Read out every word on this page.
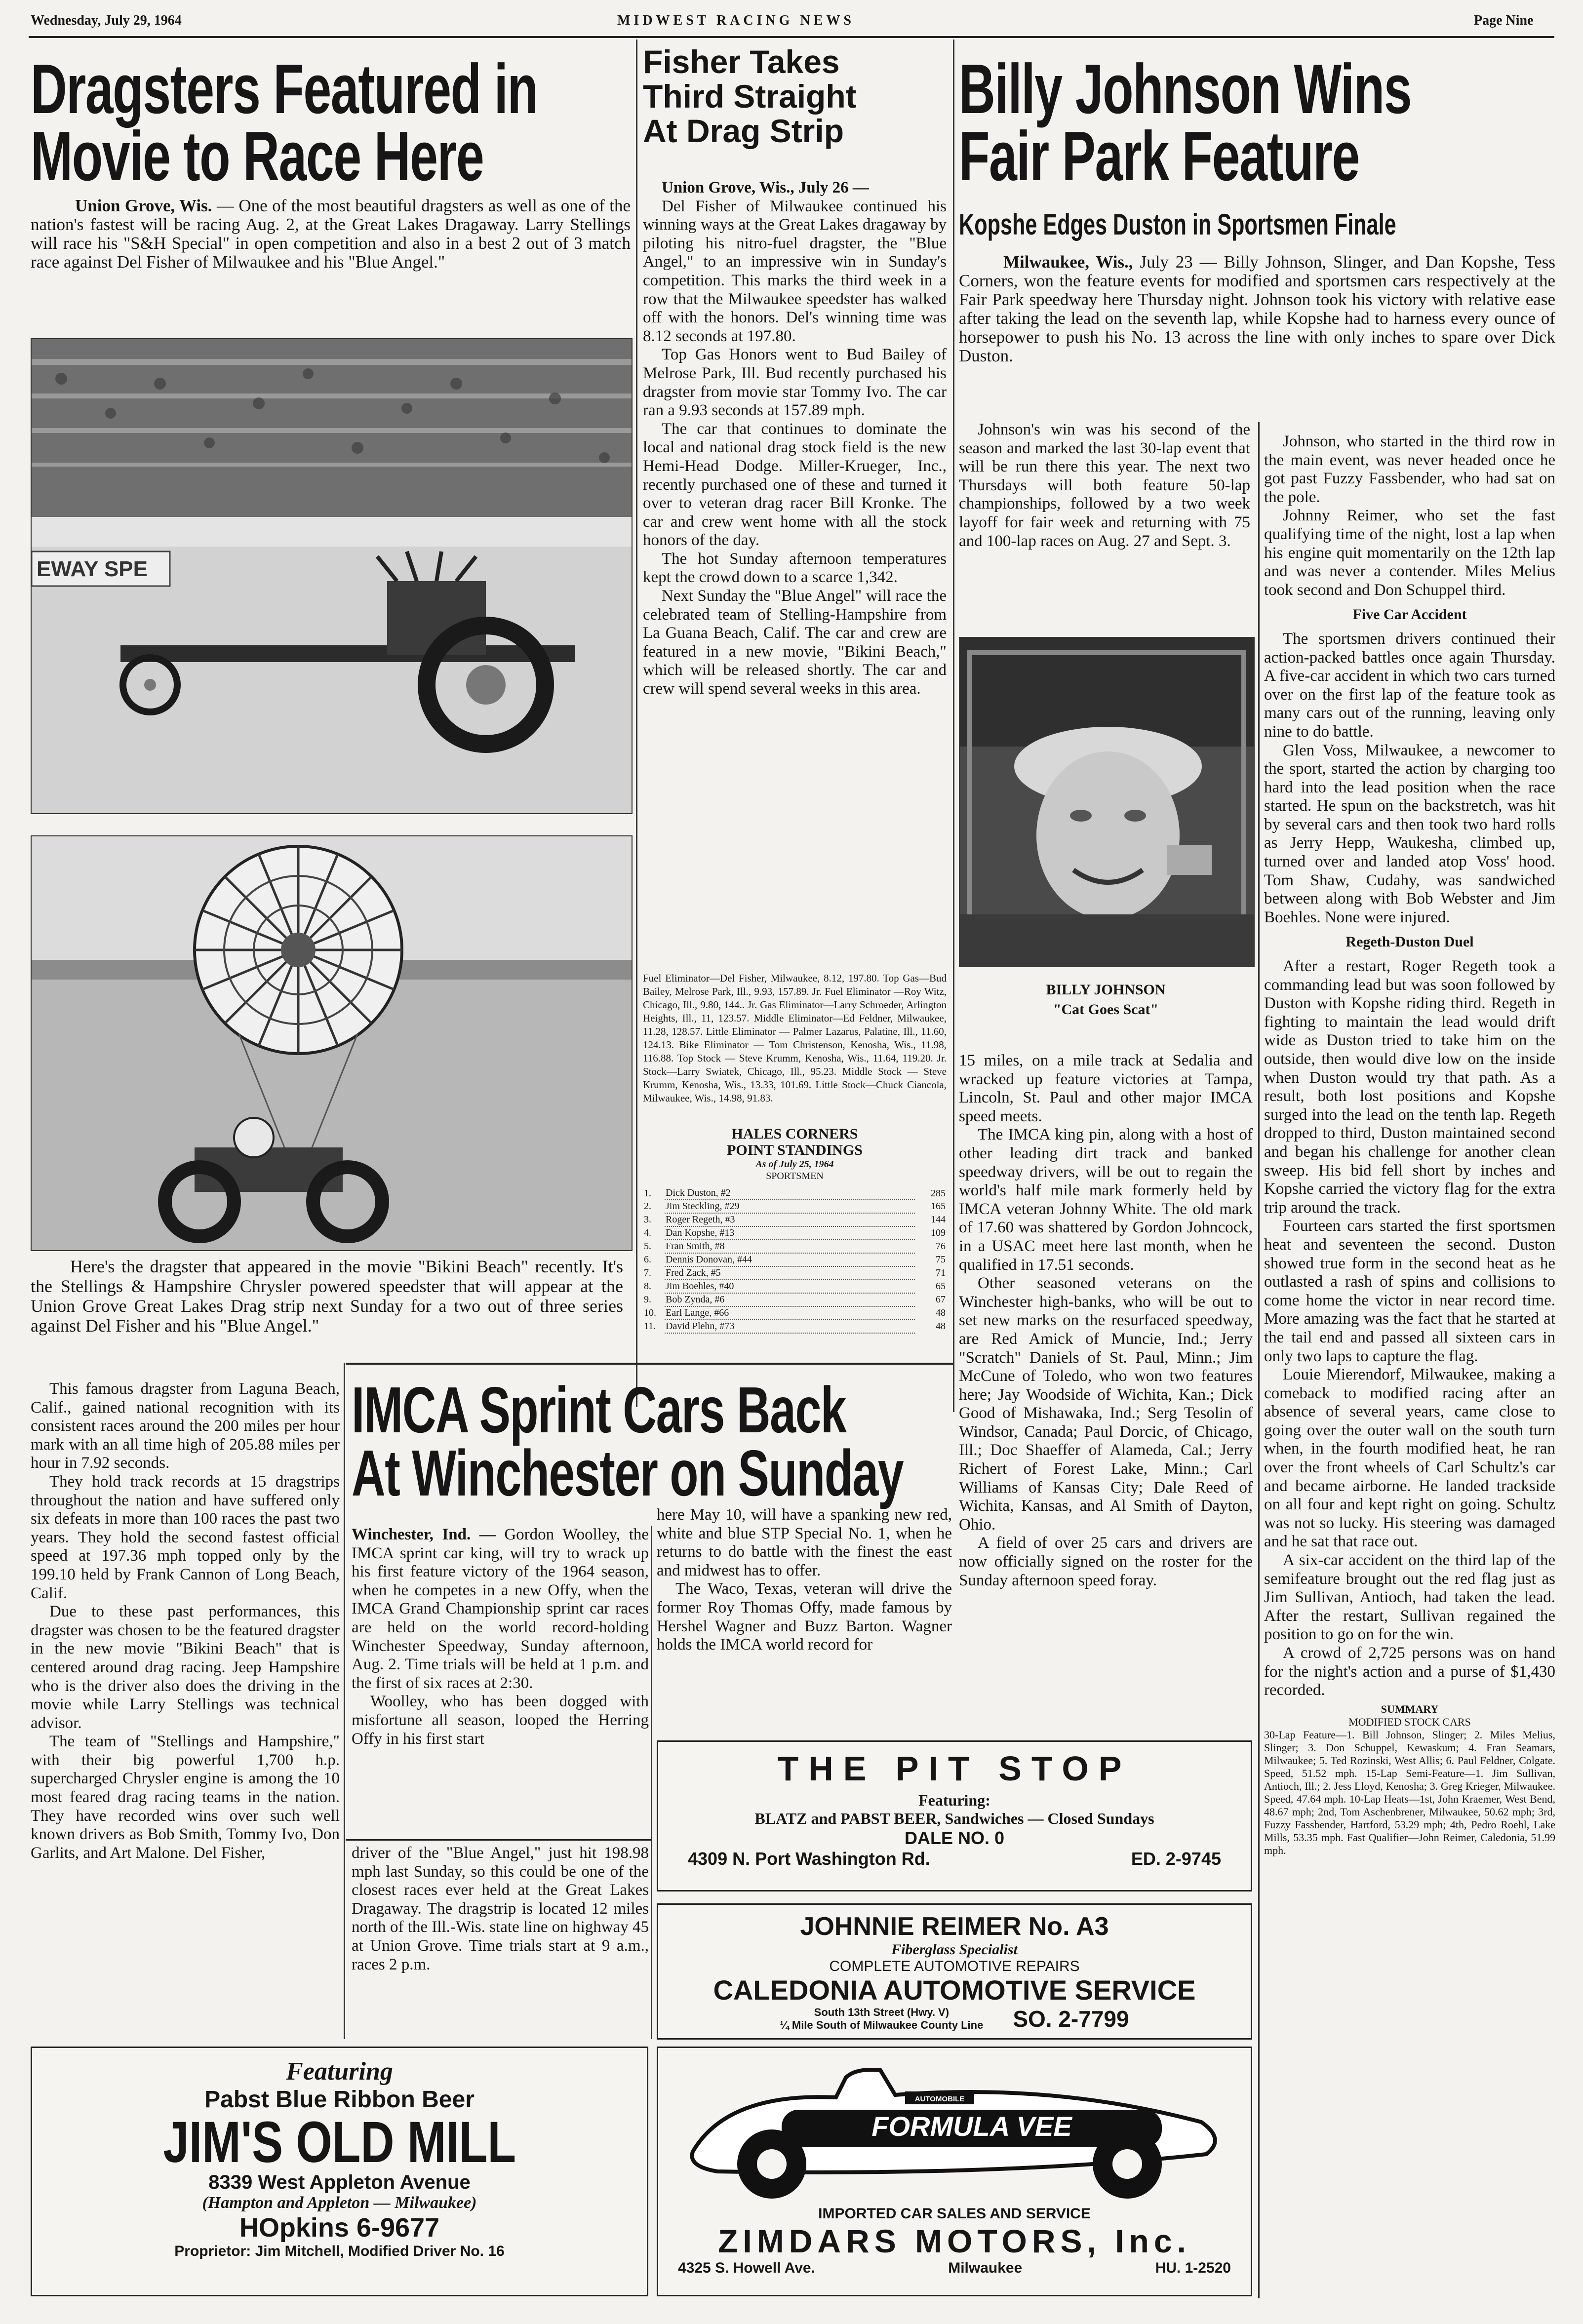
Wednesday, July 29, 1964	MIDWEST RACING NEWS	Page Nine
Dragsters Featured in
Movie to Race Here
Union Grove, Wis. — One of the most beautiful dragsters as well as one of the nation's fastest will be racing Aug. 2, at the Great Lakes Dragaway. Larry Stellings will race his "S&H Special" in open competition and also in a best 2 out of 3 match race against Del Fisher of Milwaukee and his "Blue Angel."
EWAY SPE
Here's the dragster that appeared in the movie "Bikini Beach" recently. It's the Stellings & Hampshire Chrysler powered speedster that will appear at the Union Grove Great Lakes Drag strip next Sunday for a two out of three series against Del Fisher and his "Blue Angel."

This famous dragster from Laguna Beach, Calif., gained national recognition with its consistent races around the 200 miles per hour mark with an all time high of 205.88 miles per hour in 7.92 seconds.

They hold track records at 15 dragstrips throughout the nation and have suffered only six defeats in more than 100 races the past two years. They hold the second fastest official speed at 197.36 mph topped only by the 199.10 held by Frank Cannon of Long Beach, Calif.

Due to these past performances, this dragster was chosen to be the featured dragster in the new movie "Bikini Beach" that is centered around drag racing. Jeep Hampshire who is the driver also does the driving in the movie while Larry Stellings was technical advisor.

The team of "Stellings and Hampshire," with their big powerful 1,700 h.p. supercharged Chrysler engine is among the 10 most feared drag racing teams in the nation. They have recorded wins over such well known drivers as Bob Smith, Tommy Ivo, Don Garlits, and Art Malone. Del Fisher,

Fisher Takes
Third Straight
At Drag Strip

Union Grove, Wis., July 26 —

Del Fisher of Milwaukee continued his winning ways at the Great Lakes dragaway by piloting his nitro-fuel dragster, the "Blue Angel," to an impressive win in Sunday's competition. This marks the third week in a row that the Milwaukee speedster has walked off with the honors. Del's winning time was 8.12 seconds at 197.80.

Top Gas Honors went to Bud Bailey of Melrose Park, Ill. Bud recently purchased his dragster from movie star Tommy Ivo. The car ran a 9.93 seconds at 157.89 mph.

The car that continues to dominate the local and national drag stock field is the new Hemi-Head Dodge. Miller-Krueger, Inc., recently purchased one of these and turned it over to veteran drag racer Bill Kronke. The car and crew went home with all the stock honors of the day.

The hot Sunday afternoon temperatures kept the crowd down to a scarce 1,342.

Next Sunday the "Blue Angel" will race the celebrated team of Stelling-Hampshire from La Guana Beach, Calif. The car and crew are featured in a new movie, "Bikini Beach," which will be released shortly. The car and crew will spend several weeks in this area.

Fuel Eliminator—Del Fisher, Milwaukee, 8.12, 197.80. Top Gas—Bud Bailey, Melrose Park, Ill., 9.93, 157.89. Jr. Fuel Eliminator —Roy Witz, Chicago, Ill., 9.80, 144.. Jr. Gas Eliminator—Larry Schroeder, Arlington Heights, Ill., 11, 123.57. Middle Eliminator—Ed Feldner, Milwaukee, 11.28, 128.57. Little Eliminator — Palmer Lazarus, Palatine, Ill., 11.60, 124.13. Bike Eliminator — Tom Christenson, Kenosha, Wis., 11.98, 116.88. Top Stock — Steve Krumm, Kenosha, Wis., 11.64, 119.20. Jr. Stock—Larry Swiatek, Chicago, Ill., 95.23. Middle Stock — Steve Krumm, Kenosha, Wis., 13.33, 101.69. Little Stock—Chuck Ciancola, Milwaukee, Wis., 14.98, 91.83.
HALES CORNERS
POINT STANDINGS
As of July 25, 1964
SPORTSMEN
1.	Dick Duston, #2	285
2.	Jim Steckling, #29	165
3.	Roger Regeth, #3	144
4.	Dan Kopshe, #13	109
5.	Fran Smith, #8	76
6.	Dennis Donovan, #44	75
7.	Fred Zack, #5	71
8.	Jim Boehles, #40	65
9.	Bob Zynda, #6	67
10.	Earl Lange, #66	48
11.	David Plehn, #73	48
Billy Johnson Wins
Fair Park Feature
Kopshe Edges Duston in Sportsmen Finale
Milwaukee, Wis., July 23 — Billy Johnson, Slinger, and Dan Kopshe, Tess Corners, won the feature events for modified and sportsmen cars respectively at the Fair Park speedway here Thursday night. Johnson took his victory with relative ease after taking the lead on the seventh lap, while Kopshe had to harness every ounce of horsepower to push his No. 13 across the line with only inches to spare over Dick Duston.

Johnson's win was his second of the season and marked the last 30-lap event that will be run there this year. The next two Thursdays will both feature 50-lap championships, followed by a two week layoff for fair week and returning with 75 and 100-lap races on Aug. 27 and Sept. 3.

BILLY JOHNSON
"Cat Goes Scat"

15 miles, on a mile track at Sedalia and wracked up feature victories at Tampa, Lincoln, St. Paul and other major IMCA speed meets.

The IMCA king pin, along with a host of other leading dirt track and banked speedway drivers, will be out to regain the world's half mile mark formerly held by IMCA veteran Johnny White. The old mark of 17.60 was shattered by Gordon Johncock, in a USAC meet here last month, when he qualified in 17.51 seconds.

Other seasoned veterans on the Winchester high-banks, who will be out to set new marks on the resurfaced speedway, are Red Amick of Muncie, Ind.; Jerry "Scratch" Daniels of St. Paul, Minn.; Jim McCune of Toledo, who won two features here; Jay Woodside of Wichita, Kan.; Dick Good of Mishawaka, Ind.; Serg Tesolin of Windsor, Canada; Paul Dorcic, of Chicago, Ill.; Doc Shaeffer of Alameda, Cal.; Jerry Richert of Forest Lake, Minn.; Carl Williams of Kansas City; Dale Reed of Wichita, Kansas, and Al Smith of Dayton, Ohio.

A field of over 25 cars and drivers are now officially signed on the roster for the Sunday afternoon speed foray.

Johnson, who started in the third row in the main event, was never headed once he got past Fuzzy Fassbender, who had sat on the pole.

Johnny Reimer, who set the fast qualifying time of the night, lost a lap when his engine quit momentarily on the 12th lap and was never a contender. Miles Melius took second and Don Schuppel third.

Five Car Accident

The sportsmen drivers continued their action-packed battles once again Thursday. A five-car accident in which two cars turned over on the first lap of the feature took as many cars out of the running, leaving only nine to do battle.

Glen Voss, Milwaukee, a newcomer to the sport, started the action by charging too hard into the lead position when the race started. He spun on the backstretch, was hit by several cars and then took two hard rolls as Jerry Hepp, Waukesha, climbed up, turned over and landed atop Voss' hood. Tom Shaw, Cudahy, was sandwiched between along with Bob Webster and Jim Boehles. None were injured.

Regeth-Duston Duel

After a restart, Roger Regeth took a commanding lead but was soon followed by Duston with Kopshe riding third. Regeth in fighting to maintain the lead would drift wide as Duston tried to take him on the outside, then would dive low on the inside when Duston would try that path. As a result, both lost positions and Kopshe surged into the lead on the tenth lap. Regeth dropped to third, Duston maintained second and began his challenge for another clean sweep. His bid fell short by inches and Kopshe carried the victory flag for the extra trip around the track.

Fourteen cars started the first sportsmen heat and seventeen the second. Duston showed true form in the second heat as he outlasted a rash of spins and collisions to come home the victor in near record time. More amazing was the fact that he started at the tail end and passed all sixteen cars in only two laps to capture the flag.

Louie Mierendorf, Milwaukee, making a comeback to modified racing after an absence of several years, came close to going over the outer wall on the south turn when, in the fourth modified heat, he ran over the front wheels of Carl Schultz's car and became airborne. He landed trackside on all four and kept right on going. Schultz was not so lucky. His steering was damaged and he sat that race out.

A six-car accident on the third lap of the semifeature brought out the red flag just as Jim Sullivan, Antioch, had taken the lead. After the restart, Sullivan regained the position to go on for the win.

A crowd of 2,725 persons was on hand for the night's action and a purse of $1,430 recorded.

SUMMARY
MODIFIED STOCK CARS
30-Lap Feature—1. Bill Johnson, Slinger; 2. Miles Melius, Slinger; 3. Don Schuppel, Kewaskum; 4. Fran Seamars, Milwaukee; 5. Ted Rozinski, West Allis; 6. Paul Feldner, Colgate. Speed, 51.52 mph. 15-Lap Semi-Feature—1. Jim Sullivan, Antioch, Ill.; 2. Jess Lloyd, Kenosha; 3. Greg Krieger, Milwaukee. Speed, 47.64 mph. 10-Lap Heats—1st, John Kraemer, West Bend, 48.67 mph; 2nd, Tom Aschenbrener, Milwaukee, 50.62 mph; 3rd, Fuzzy Fassbender, Hartford, 53.29 mph; 4th, Pedro Roehl, Lake Mills, 53.35 mph. Fast Qualifier—John Reimer, Caledonia, 51.99 mph.
IMCA Sprint Cars Back
At Winchester on Sunday

Winchester, Ind. — Gordon Woolley, the IMCA sprint car king, will try to wrack up his first feature victory of the 1964 season, when he competes in a new Offy, when the IMCA Grand Championship sprint car races are held on the world record-holding Winchester Speedway, Sunday afternoon, Aug. 2. Time trials will be held at 1 p.m. and the first of six races at 2:30.

Woolley, who has been dogged with misfortune all season, looped the Herring Offy in his first start

here May 10, will have a spanking new red, white and blue STP Special No. 1, when he returns to do battle with the finest the east and midwest has to offer.

The Waco, Texas, veteran will drive the former Roy Thomas Offy, made famous by Hershel Wagner and Buzz Barton. Wagner holds the IMCA world record for

driver of the "Blue Angel," just hit 198.98 mph last Sunday, so this could be one of the closest races ever held at the Great Lakes Dragaway. The dragstrip is located 12 miles north of the Ill.-Wis. state line on highway 45 at Union Grove. Time trials start at 9 a.m., races 2 p.m.

THE PIT STOP
Featuring:
BLATZ and PABST BEER, Sandwiches — Closed Sundays
DALE NO. 0
4309 N. Port Washington Rd.	ED. 2-9745
JOHNNIE REIMER No. A3
Fiberglass Specialist
COMPLETE AUTOMOTIVE REPAIRS
CALEDONIA AUTOMOTIVE SERVICE
South 13th Street (Hwy. V)
¼ Mile South of Milwaukee County Line SO. 2-7799
Featuring
Pabst Blue Ribbon Beer
JIM'S OLD MILL
8339 West Appleton Avenue
(Hampton and Appleton — Milwaukee)
HOpkins 6-9677
Proprietor: Jim Mitchell, Modified Driver No. 16
FORMULA VEE
AUTOMOBILE
IMPORTED CAR SALES AND SERVICE
ZIMDARS MOTORS, Inc.
4325 S. Howell Ave.	Milwaukee	HU. 1-2520
